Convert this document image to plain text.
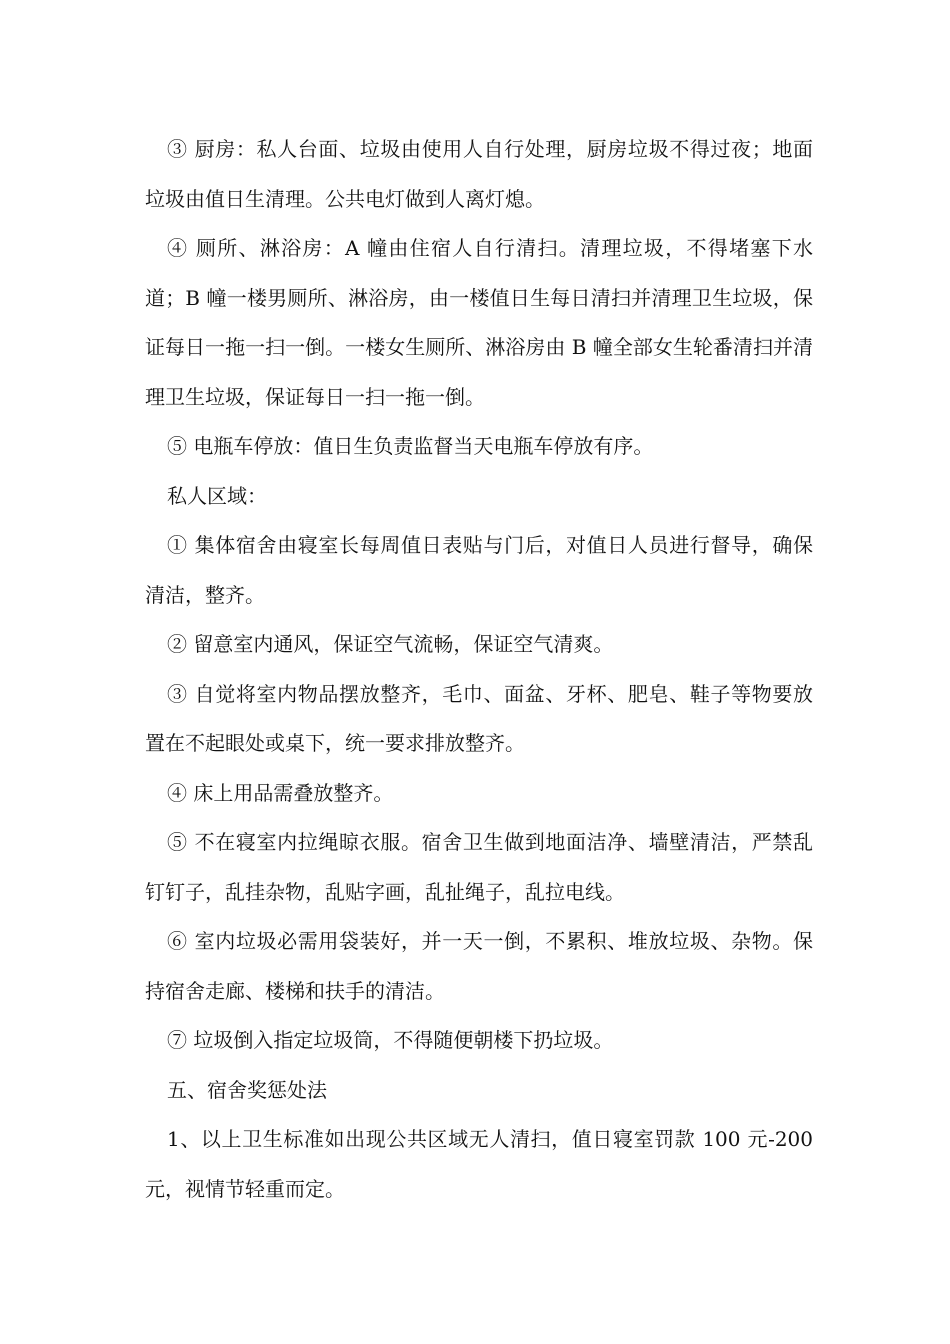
③ 厨房：私人台面、垃圾由使用人自行处理，厨房垃圾不得过夜；地面垃圾由值日生清理。公共电灯做到人离灯熄。

④ 厕所、淋浴房：A 幢由住宿人自行清扫。清理垃圾，不得堵塞下水道；B 幢一楼男厕所、淋浴房，由一楼值日生每日清扫并清理卫生垃圾，保证每日一拖一扫一倒。一楼女生厕所、淋浴房由 B 幢全部女生轮番清扫并清理卫生垃圾，保证每日一扫一拖一倒。

⑤ 电瓶车停放：值日生负责监督当天电瓶车停放有序。

私人区域：

① 集体宿舍由寝室长每周值日表贴与门后，对值日人员进行督导，确保清洁，整齐。

② 留意室内通风，保证空气流畅，保证空气清爽。

③ 自觉将室内物品摆放整齐，毛巾、面盆、牙杯、肥皂、鞋子等物要放置在不起眼处或桌下，统一要求排放整齐。

④ 床上用品需叠放整齐。

⑤ 不在寝室内拉绳晾衣服。宿舍卫生做到地面洁净、墙壁清洁，严禁乱钉钉子，乱挂杂物，乱贴字画，乱扯绳子，乱拉电线。

⑥ 室内垃圾必需用袋装好，并一天一倒，不累积、堆放垃圾、杂物。保持宿舍走廊、楼梯和扶手的清洁。

⑦ 垃圾倒入指定垃圾筒，不得随便朝楼下扔垃圾。

五、宿舍奖惩处法

1、以上卫生标准如出现公共区域无人清扫，值日寝室罚款 100 元-200 元，视情节轻重而定。
